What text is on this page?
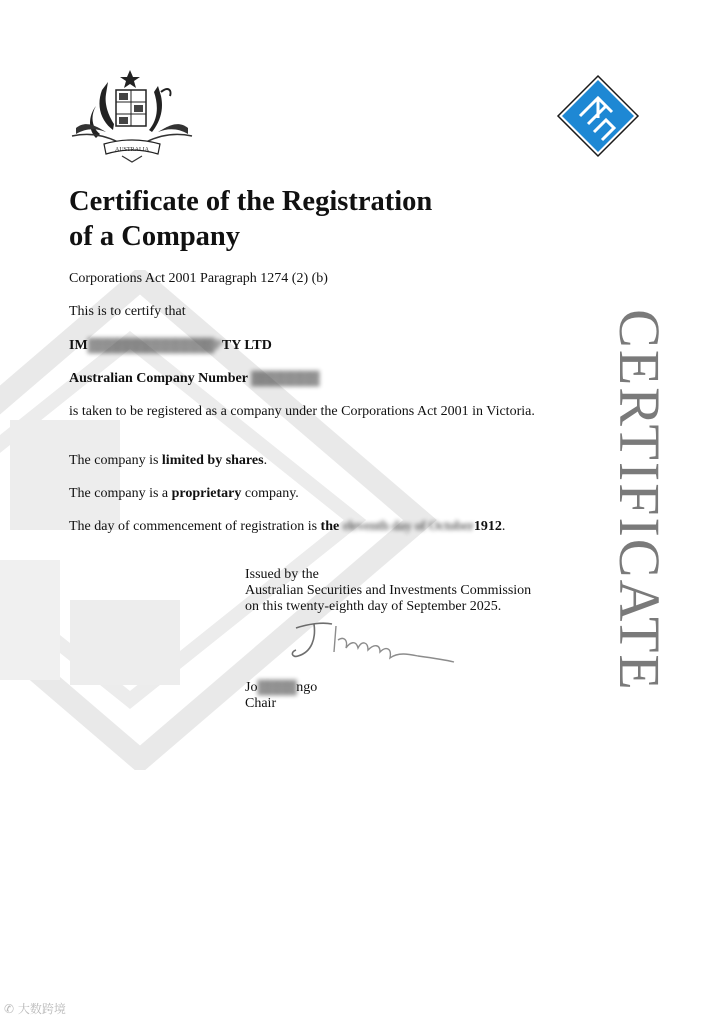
AUSTRALIA
Certificate of the Registration
of a Company
Corporations Act 2001 Paragraph 1274 (2) (b)
This is to certify that
IM▓▓▓▓▓▓▓▓▓▓▓▓▓PTY LTD
Australian Company Number ▓▓▓▓▓▓▓
is taken to be registered as a company under the Corporations Act 2001 in Victoria.
The company is limited by shares.
The company is a proprietary company.
The day of commencement of registration is the eleventh day of October1912.
Issued by the
Australian Securities and Investments Commission
on this twenty-eighth day of September 2025.
Jo▓▓▓▓ngo
Chair
CERTIFICATE
✆ 大数跨境
